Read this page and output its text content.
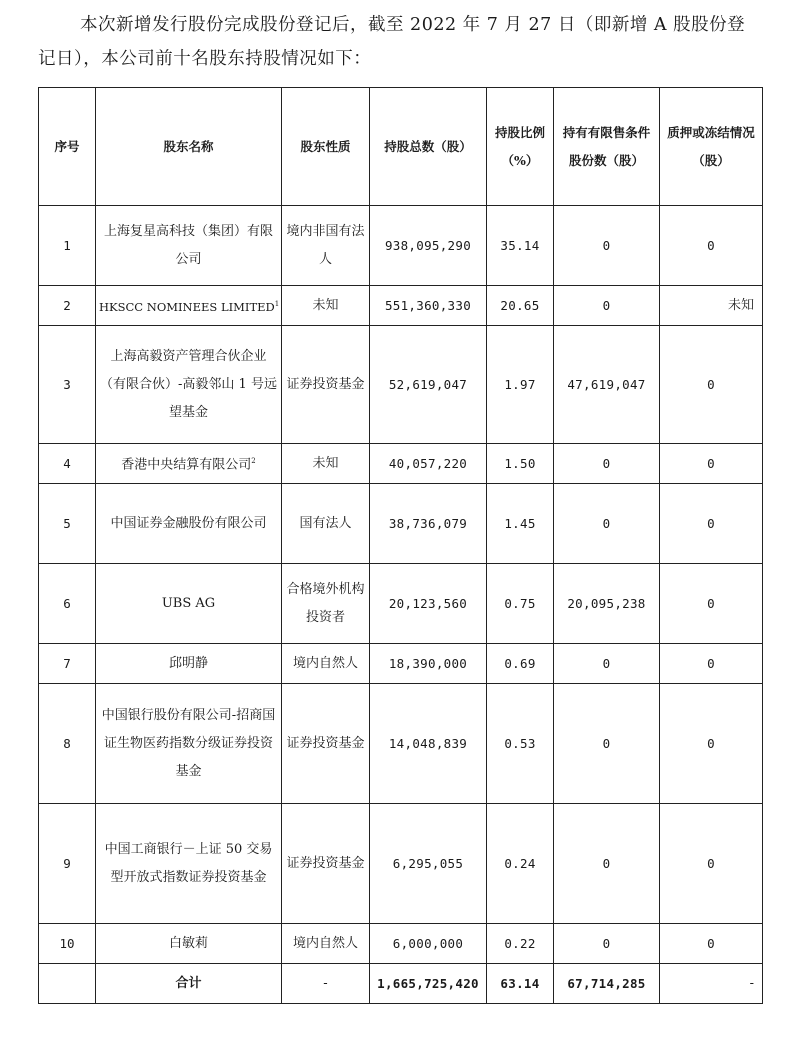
本次新增发行股份完成股份登记后，截至 2022 年 7 月 27 日（即新增 A 股股份登记日），本公司前十名股东持股情况如下：

序号	股东名称	股东性质	持股总数（股）	持股比例（%）	持有有限售条件股份数（股）	质押或冻结情况（股）
1	上海复星高科技（集团）有限公司	境内非国有法人	938,095,290	35.14	0	0
2	HKSCC NOMINEES LIMITED$^1$	未知	551,360,330	20.65	0	未知
3	上海高毅资产管理合伙企业（有限合伙）-高毅邻山 1 号远望基金	证券投资基金	52,619,047	1.97	47,619,047	0
4	香港中央结算有限公司$^2$	未知	40,057,220	1.50	0	0
5	中国证券金融股份有限公司	国有法人	38,736,079	1.45	0	0
6	UBS AG	合格境外机构投资者	20,123,560	0.75	20,095,238	0
7	邱明静	境内自然人	18,390,000	0.69	0	0
8	中国银行股份有限公司-招商国证生物医药指数分级证券投资基金	证券投资基金	14,048,839	0.53	0	0
9	中国工商银行－上证 50 交易型开放式指数证券投资基金	证券投资基金	6,295,055	0.24	0	0
10	白敏莉	境内自然人	6,000,000	0.22	0	0
	合计	-	1,665,725,420	63.14	67,714,285	-
